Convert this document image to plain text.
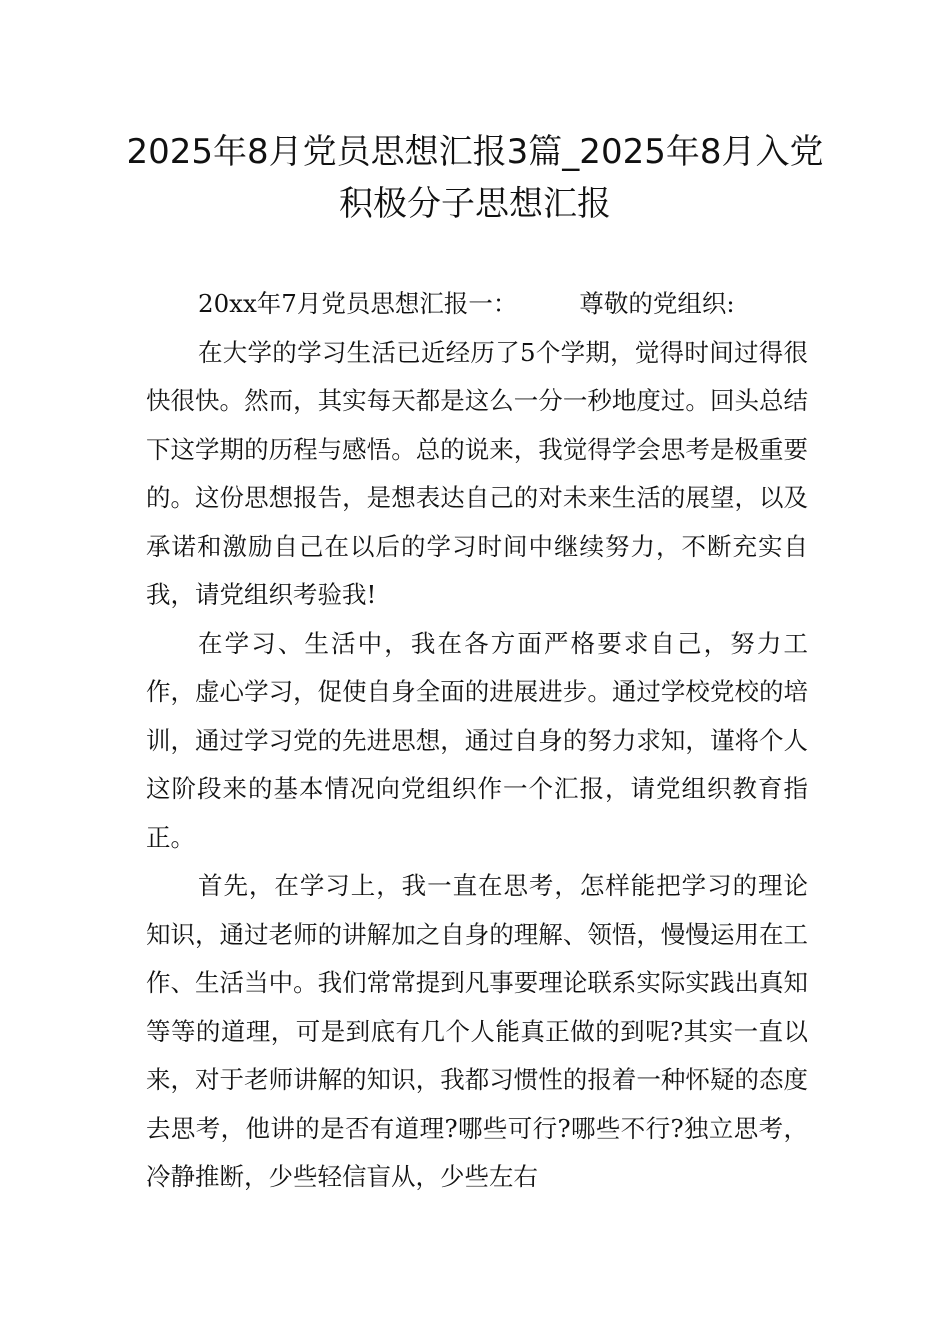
2025年8月党员思想汇报3篇_2025年8月入党积极分子思想汇报

20xx年7月党员思想汇报一：	尊敬的党组织:

在大学的学习生活已近经历了5个学期，觉得时间过得很快很快。然而，其实每天都是这么一分一秒地度过。回头总结下这学期的历程与感悟。总的说来，我觉得学会思考是极重要的。这份思想报告，是想表达自己的对未来生活的展望，以及承诺和激励自己在以后的学习时间中继续努力，不断充实自我，请党组织考验我!

在学习、生活中，我在各方面严格要求自己，努力工作，虚心学习，促使自身全面的进展进步。通过学校党校的培训，通过学习党的先进思想，通过自身的努力求知，谨将个人这阶段来的基本情况向党组织作一个汇报，请党组织教育指正。

首先，在学习上，我一直在思考，怎样能把学习的理论知识，通过老师的讲解加之自身的理解、领悟，慢慢运用在工作、生活当中。我们常常提到凡事要理论联系实际实践出真知等等的道理，可是到底有几个人能真正做的到呢?其实一直以来，对于老师讲解的知识，我都习惯性的报着一种怀疑的态度去思考，他讲的是否有道理?哪些可行?哪些不行?独立思考，冷静推断，少些轻信盲从，少些左右
